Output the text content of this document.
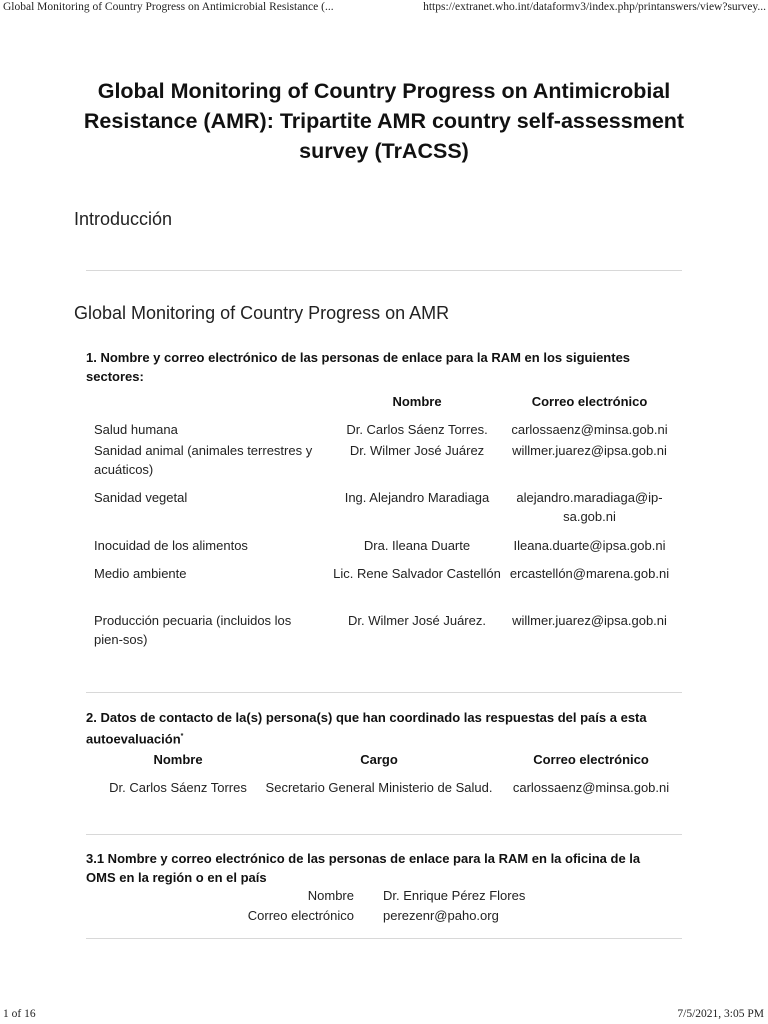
Global Monitoring of Country Progress on Antimicrobial Resistance (...	https://extranet.who.int/dataformv3/index.php/printanswers/view?survey...
Global Monitoring of Country Progress on Antimicrobial Resistance (AMR): Tripartite AMR country self-assessment survey (TrACSS)
Introducción
Global Monitoring of Country Progress on AMR

1. Nombre y correo electrónico de las personas de enlace para la RAM en los siguientes sectores:

	Nombre	Correo electrónico
Salud humana	Dr. Carlos Sáenz Torres.	carlossaenz@minsa.gob.ni
Sanidad animal (animales terrestres y acuáticos)	Dr. Wilmer José Juárez	willmer.juarez@ipsa.gob.ni
Sanidad vegetal	Ing. Alejandro Maradiaga	alejandro.maradiaga@ip-sa.gob.ni
Inocuidad de los alimentos	Dra. Ileana Duarte	Ileana.duarte@ipsa.gob.ni
Medio ambiente	Lic. Rene Salvador Castellón	ercastellón@marena.gob.ni
Producción pecuaria (incluidos los pien-sos)	Dr. Wilmer José Juárez.	willmer.juarez@ipsa.gob.ni

2. Datos de contacto de la(s) persona(s) que han coordinado las respuestas del país a esta autoevaluación*

Nombre	Cargo	Correo electrónico
Dr. Carlos Sáenz Torres	Secretario General Ministerio de Salud.	carlossaenz@minsa.gob.ni

3.1 Nombre y correo electrónico de las personas de enlace para la RAM en la oficina de la OMS en la región o en el país

Nombre Dr. Enrique Pérez Flores
Correo electrónico perezenr@paho.org
1 of 16	7/5/2021, 3:05 PM
